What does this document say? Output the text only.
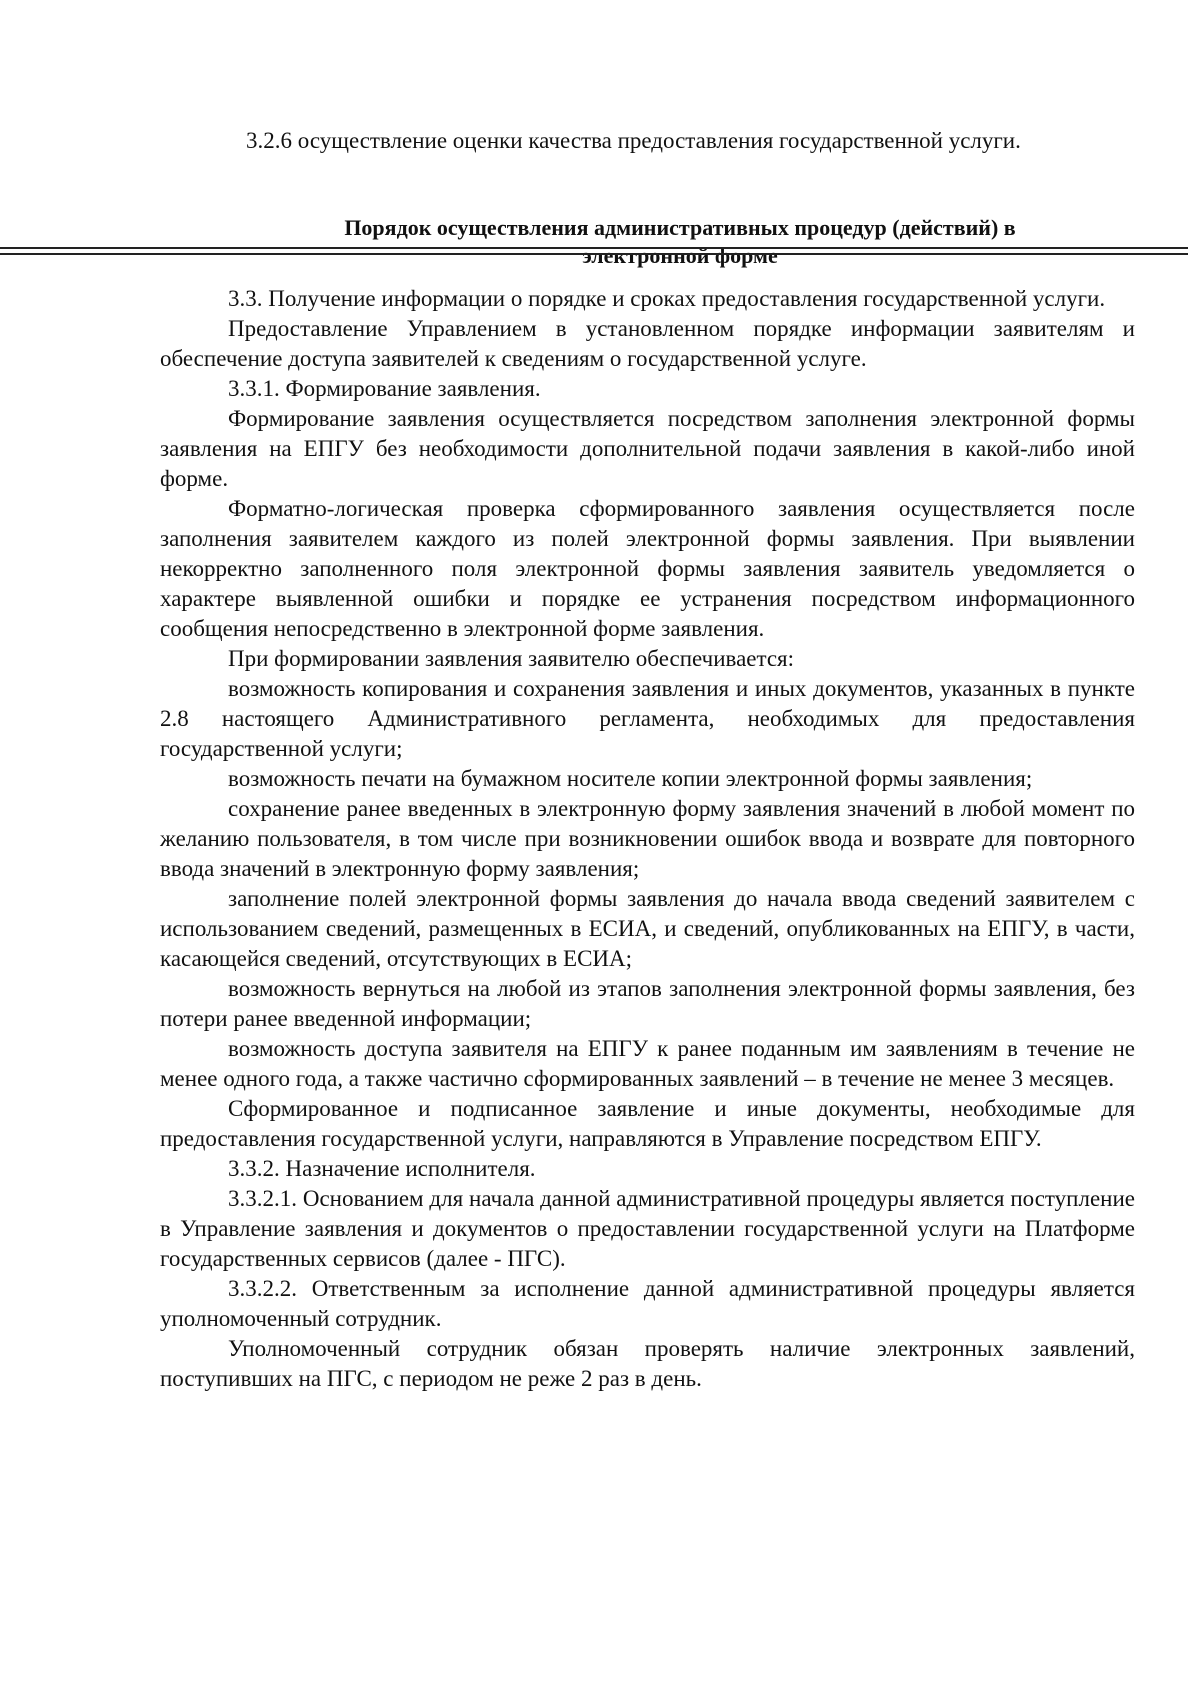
3.2.6 осуществление оценки качества предоставления государственной услуги.

Порядок осуществления административных процедур (действий) в
электронной форме

3.3. Получение информации о порядке и сроках предоставления государственной услуги.

Предоставление Управлением в установленном порядке информации заявителям и обеспечение доступа заявителей к сведениям о государственной услуге.

3.3.1. Формирование заявления.

Формирование заявления осуществляется посредством заполнения электронной формы заявления на ЕПГУ без необходимости дополнительной подачи заявления в какой-либо иной форме.

Форматно-логическая проверка сформированного заявления осуществляется после заполнения заявителем каждого из полей электронной формы заявления. При выявлении некорректно заполненного поля электронной формы заявления заявитель уведомляется о характере выявленной ошибки и порядке ее устранения посредством информационного сообщения непосредственно в электронной форме заявления.

При формировании заявления заявителю обеспечивается:

возможность копирования и сохранения заявления и иных документов, указанных в пункте 2.8 настоящего Административного регламента, необходимых для предоставления государственной услуги;

возможность печати на бумажном носителе копии электронной формы заявления;

сохранение ранее введенных в электронную форму заявления значений в любой момент по желанию пользователя, в том числе при возникновении ошибок ввода и возврате для повторного ввода значений в электронную форму заявления;

заполнение полей электронной формы заявления до начала ввода сведений заявителем с использованием сведений, размещенных в ЕСИА, и сведений, опубликованных на ЕПГУ, в части, касающейся сведений, отсутствующих в ЕСИА;

возможность вернуться на любой из этапов заполнения электронной формы заявления, без потери ранее введенной информации;

возможность доступа заявителя на ЕПГУ к ранее поданным им заявлениям в течение не менее одного года, а также частично сформированных заявлений – в течение не менее 3 месяцев.

Сформированное и подписанное заявление и иные документы, необходимые для предоставления государственной услуги, направляются в Управление посредством ЕПГУ.

3.3.2. Назначение исполнителя.

3.3.2.1. Основанием для начала данной административной процедуры является поступление в Управление заявления и документов о предоставлении государственной услуги на Платформе государственных сервисов (далее - ПГС).

3.3.2.2. Ответственным за исполнение данной административной процедуры является уполномоченный сотрудник.

Уполномоченный сотрудник обязан проверять наличие электронных заявлений, поступивших на ПГС, с периодом не реже 2 раз в день.
